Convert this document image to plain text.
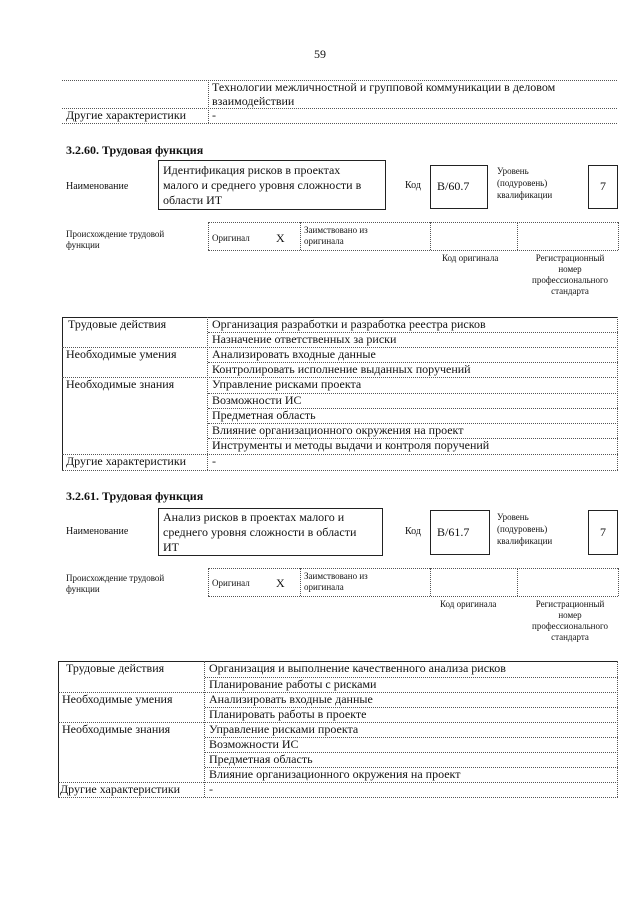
59
Технологии межличностной и групповой коммуникации в деловом
взаимодействии
Другие характеристики -
3.2.60. Трудовая функция
Наименование
Идентификация рисков в проектах
малого и среднего уровня сложности в
области ИТ
Код B/60.7
Уровень
(подуровень)
квалификации
7
Происхождение трудовой
функции
Оригинал X
Заимствовано из
оригинала
Код оригинала	Регистрационный
номер
профессионального
стандарта
Трудовые действия	Организация разработки и разработка реестра рисков
Назначение ответственных за риски
Необходимые умения	Анализировать входные данные
Контролировать исполнение выданных поручений
Необходимые знания	Управление рисками проекта
Возможности ИС
Предметная область
Влияние организационного окружения на проект
Инструменты и методы выдачи и контроля поручений
Другие характеристики -
3.2.61. Трудовая функция
Наименование
Анализ рисков в проектах малого и
среднего уровня сложности в области
ИТ
Код B/61.7
Уровень
(подуровень)
квалификации
7
Происхождение трудовой
функции
Оригинал X Заимствовано из
оригинала
Код оригинала	Регистрационный
номер
профессионального
стандарта
Трудовые действия	Организация и выполнение качественного анализа рисков
Планирование работы с рисками
Необходимые умения	Анализировать входные данные
Планировать работы в проекте
Необходимые знания	Управление рисками проекта
Возможности ИС
Предметная область
Влияние организационного окружения на проект
Другие характеристики -
